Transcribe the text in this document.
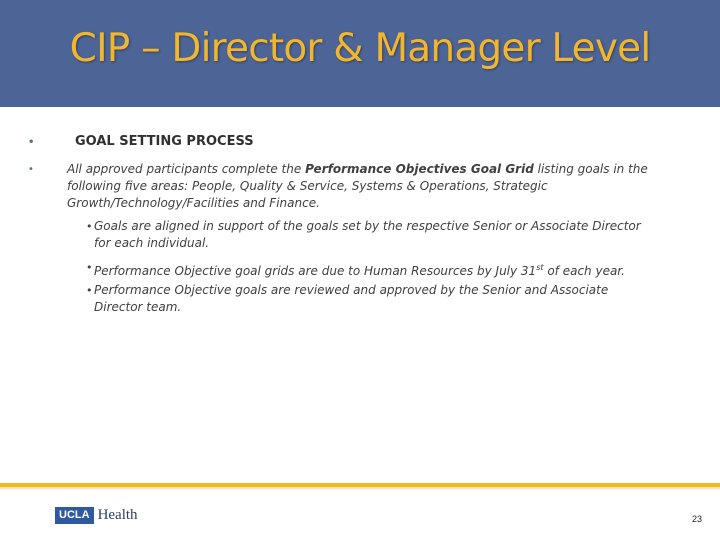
CIP – Director & Manager Level
•	GOAL SETTING PROCESS
•	All approved participants complete the Performance Objectives Goal Grid listing goals in the following five areas: People, Quality & Service, Systems & Operations, Strategic Growth/Technology/Facilities and Finance.
• Goals are aligned in support of the goals set by the respective Senior or Associate Director for each individual.
• Performance Objective goal grids are due to Human Resources by July 31st of each year.
• Performance Objective goals are reviewed and approved by the Senior and Associate Director team.
UCLA Health	23
